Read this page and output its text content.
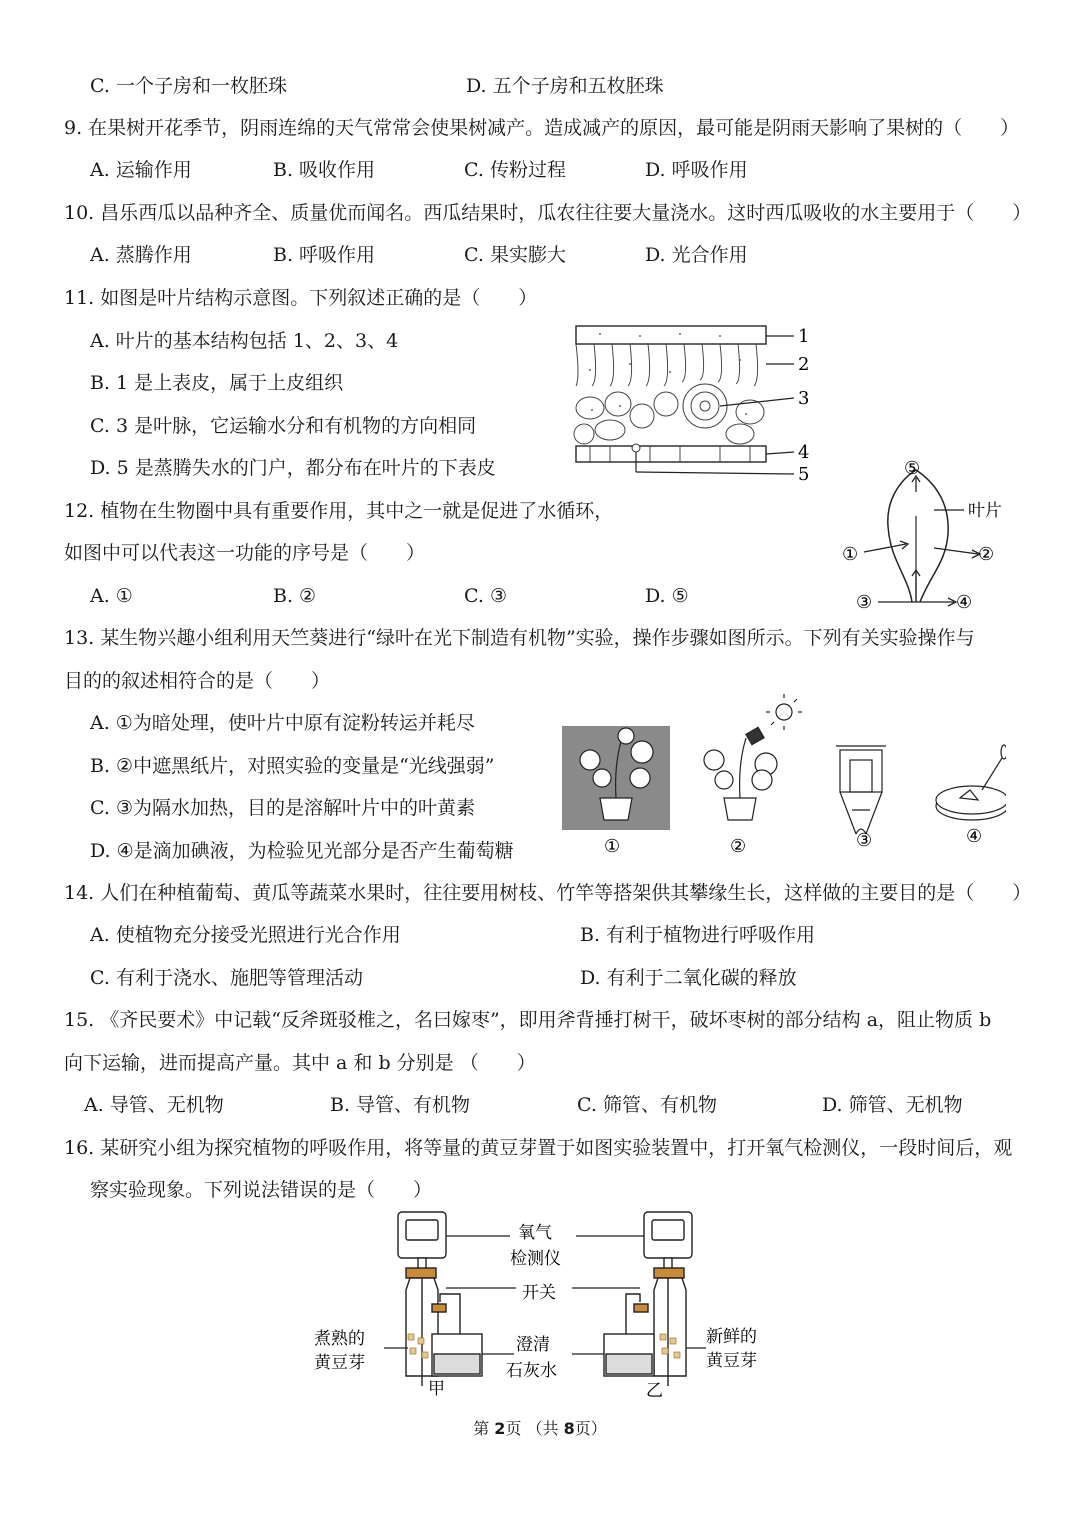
C. 一个子房和一枚胚珠	D. 五个子房和五枚胚珠
9. 在果树开花季节，阴雨连绵的天气常常会使果树减产。造成减产的原因，最可能是阴雨天影响了果树的（　　）
A. 运输作用	B. 吸收作用	C. 传粉过程	D. 呼吸作用
10. 昌乐西瓜以品种齐全、质量优而闻名。西瓜结果时，瓜农往往要大量浇水。这时西瓜吸收的水主要用于（　　）
A. 蒸腾作用	B. 呼吸作用	C. 果实膨大	D. 光合作用
11. 如图是叶片结构示意图。下列叙述正确的是（　　）
A. 叶片的基本结构包括 1、2、3、4
B. 1 是上表皮，属于上皮组织
C. 3 是叶脉，它运输水分和有机物的方向相同
D. 5 是蒸腾失水的门户，都分布在叶片的下表皮
1
2
3
4
5
12. 植物在生物圈中具有重要作用，其中之一就是促进了水循环，
如图中可以代表这一功能的序号是（　　）
A. ①	B. ②	C. ③	D. ⑤
叶片
①	②
③	④
⑤
13. 某生物兴趣小组利用天竺葵进行“绿叶在光下制造有机物”实验，操作步骤如图所示。下列有关实验操作与
目的的叙述相符合的是（　　）
A. ①为暗处理，使叶片中原有淀粉转运并耗尽
B. ②中遮黑纸片，对照实验的变量是“光线强弱”
C. ③为隔水加热，目的是溶解叶片中的叶黄素
D. ④是滴加碘液，为检验见光部分是否产生葡萄糖	①	②	③	④
14. 人们在种植葡萄、黄瓜等蔬菜水果时，往往要用树枝、竹竿等搭架供其攀缘生长，这样做的主要目的是（　　）
A. 使植物充分接受光照进行光合作用	B. 有利于植物进行呼吸作用
C. 有利于浇水、施肥等管理活动	D. 有利于二氧化碳的释放
15. 《齐民要术》中记载“反斧斑驳椎之，名曰嫁枣”，即用斧背捶打树干，破坏枣树的部分结构 a，阻止物质 b
向下运输，进而提高产量。其中 a 和 b 分别是 （　　）
A. 导管、无机物	B. 导管、有机物	C. 筛管、有机物	D. 筛管、无机物
16. 某研究小组为探究植物的呼吸作用，将等量的黄豆芽置于如图实验装置中，打开氧气检测仪，一段时间后，观
察实验现象。下列说法错误的是（　　）
氧气
检测仪
开关
煮熟的
黄豆芽
澄清
石灰水
新鲜的
黄豆芽
甲	乙
第 2页 （共 8页）
